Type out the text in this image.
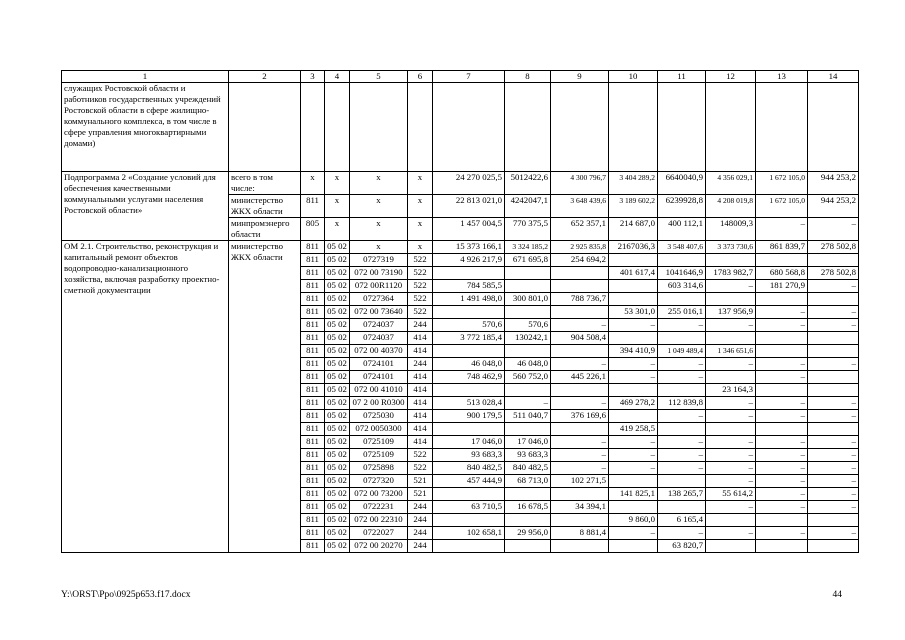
1	2	3	4	5	6	7	8	9	10	11	12	13	14
служащих Ростовской области и работников государственных учреждений Ростовской области в сфере жилищно-коммунального комплекса, в том числе в сфере управления многоквартирными домами)													
Подпрограмма 2 «Создание условий для обеспечения качественными коммунальными услугами населения Ростовской области»	всего в том числе:	х	х	х	х	24 270 025,5	5012422,6	4 300 796,7	3 404 289,2	6640040,9	4 356 029,1	1 672 105,0	944 253,2
	министерство ЖКХ области	811	х	х	х	22 813 021,0	4242047,1	3 648 439,6	3 189 602,2	6239928,8	4 208 019,8	1 672 105,0	944 253,2
	минпромэнерго области	805	х	х	х	1 457 004,5	770 375,5	652 357,1	214 687,0	400 112,1	148009,3	–	–
ОМ 2.1. Строительство, реконструкция и капитальный ремонт объектов водопроводно-канализационного хозяйства, включая разработку проектно-сметной документации	министерство ЖКХ области	811	05 02	х	х	15 373 166,1	3 324 185,2	2 925 835,8	2167036,3	3 548 407,6	3 373 730,6	861 839,7	278 502,8
		811	05 02	0727319	522	4 926 217,9	671 695,8	254 694,2					
		811	05 02	072 00 73190	522				401 617,4	1041646,9	1783 982,7	680 568,8	278 502,8
		811	05 02	072 00R1120	522	784 585,5				603 314,6	–	181 270,9	–
		811	05 02	0727364	522	1 491 498,0	300 801,0	788 736,7					
		811	05 02	072 00 73640	522				53 301,0	255 016,1	137 956,9	–	–
		811	05 02	0724037	244	570,6	570,6	–	–	–	–	–	–
		811	05 02	0724037	414	3 772 185,4	130242,1	904 508,4					
		811	05 02	072 00 40370	414				394 410,9	1 049 489,4	1 346 651,6		
		811	05 02	0724101	244	46 048,0	46 048,0	–	–	–	–	–	–
		811	05 02	0724101	414	748 462,9	560 752,0	445 226,1	–	–		–	
		811	05 02	072 00 41010	414						23 164,3		
		811	05 02	07 2 00 R0300	414	513 028,4	–	–	469 278,2	112 839,8	–	–	–
		811	05 02	0725030	414	900 179,5	511 040,7	376 169,6		–	–	–	–
		811	05 02	072 0050300	414				419 258,5				
		811	05 02	0725109	414	17 046,0	17 046,0	–	–	–	–	–	–
		811	05 02	0725109	522	93 683,3	93 683,3	–	–	–	–	–	–
		811	05 02	0725898	522	840 482,5	840 482,5	–	–	–	–	–	–
		811	05 02	0727320	521	457 444,9	68 713,0	102 271,5			–	–	–
		811	05 02	072 00 73200	521				141 825,1	138 265,7	55 614,2	–	–
		811	05 02	0722231	244	63 710,5	16 678,5	34 394,1			–	–	–
		811	05 02	072 00 22310	244				9 860,0	6 165,4			
		811	05 02	0722027	244	102 658,1	29 956,0	8 881,4	–	–	–	–	–
		811	05 02	072 00 20270	244					63 820,7			
Y:\ORST\Ppo\0925p653.f17.docx	44
